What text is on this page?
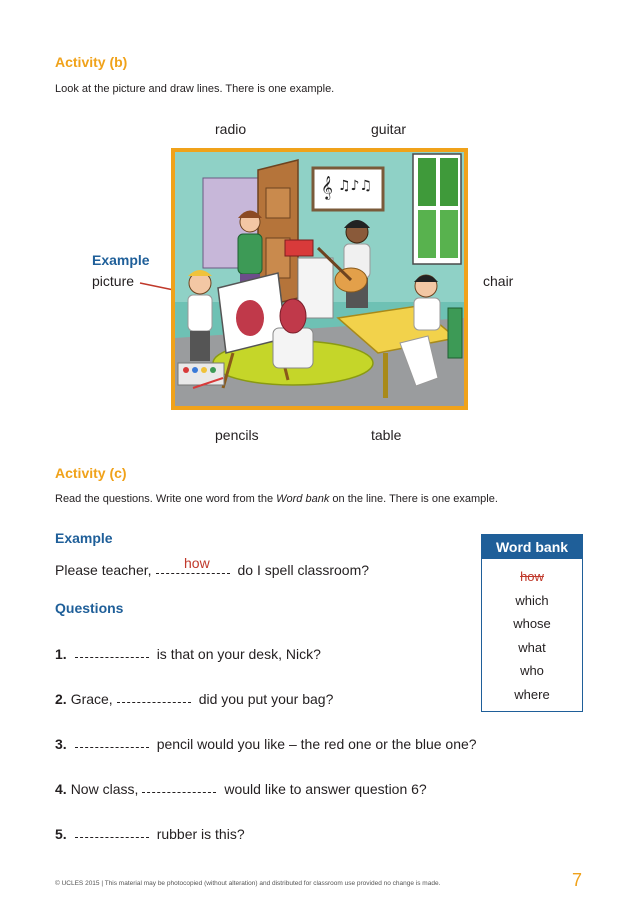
Activity (b)
Look at the picture and draw lines. There is one example.
radio	guitar
Example
picture	chair
pencils	table
𝄞 ♫♪♫
Activity (c)
Read the questions. Write one word from the Word bank on the line. There is one example.
Example
how
Please teacher,	do I spell classroom?
Questions
1.	is that on your desk, Nick?
2. Grace,	did you put your bag?
3.	pencil would you like – the red one or the blue one?
4. Now class,	would like to answer question 6?
5.	rubber is this?
Word bank
how
which
whose
what
who
where
© UCLES 2015 | This material may be photocopied (without alteration) and distributed for classroom use provided no change is made.	7
